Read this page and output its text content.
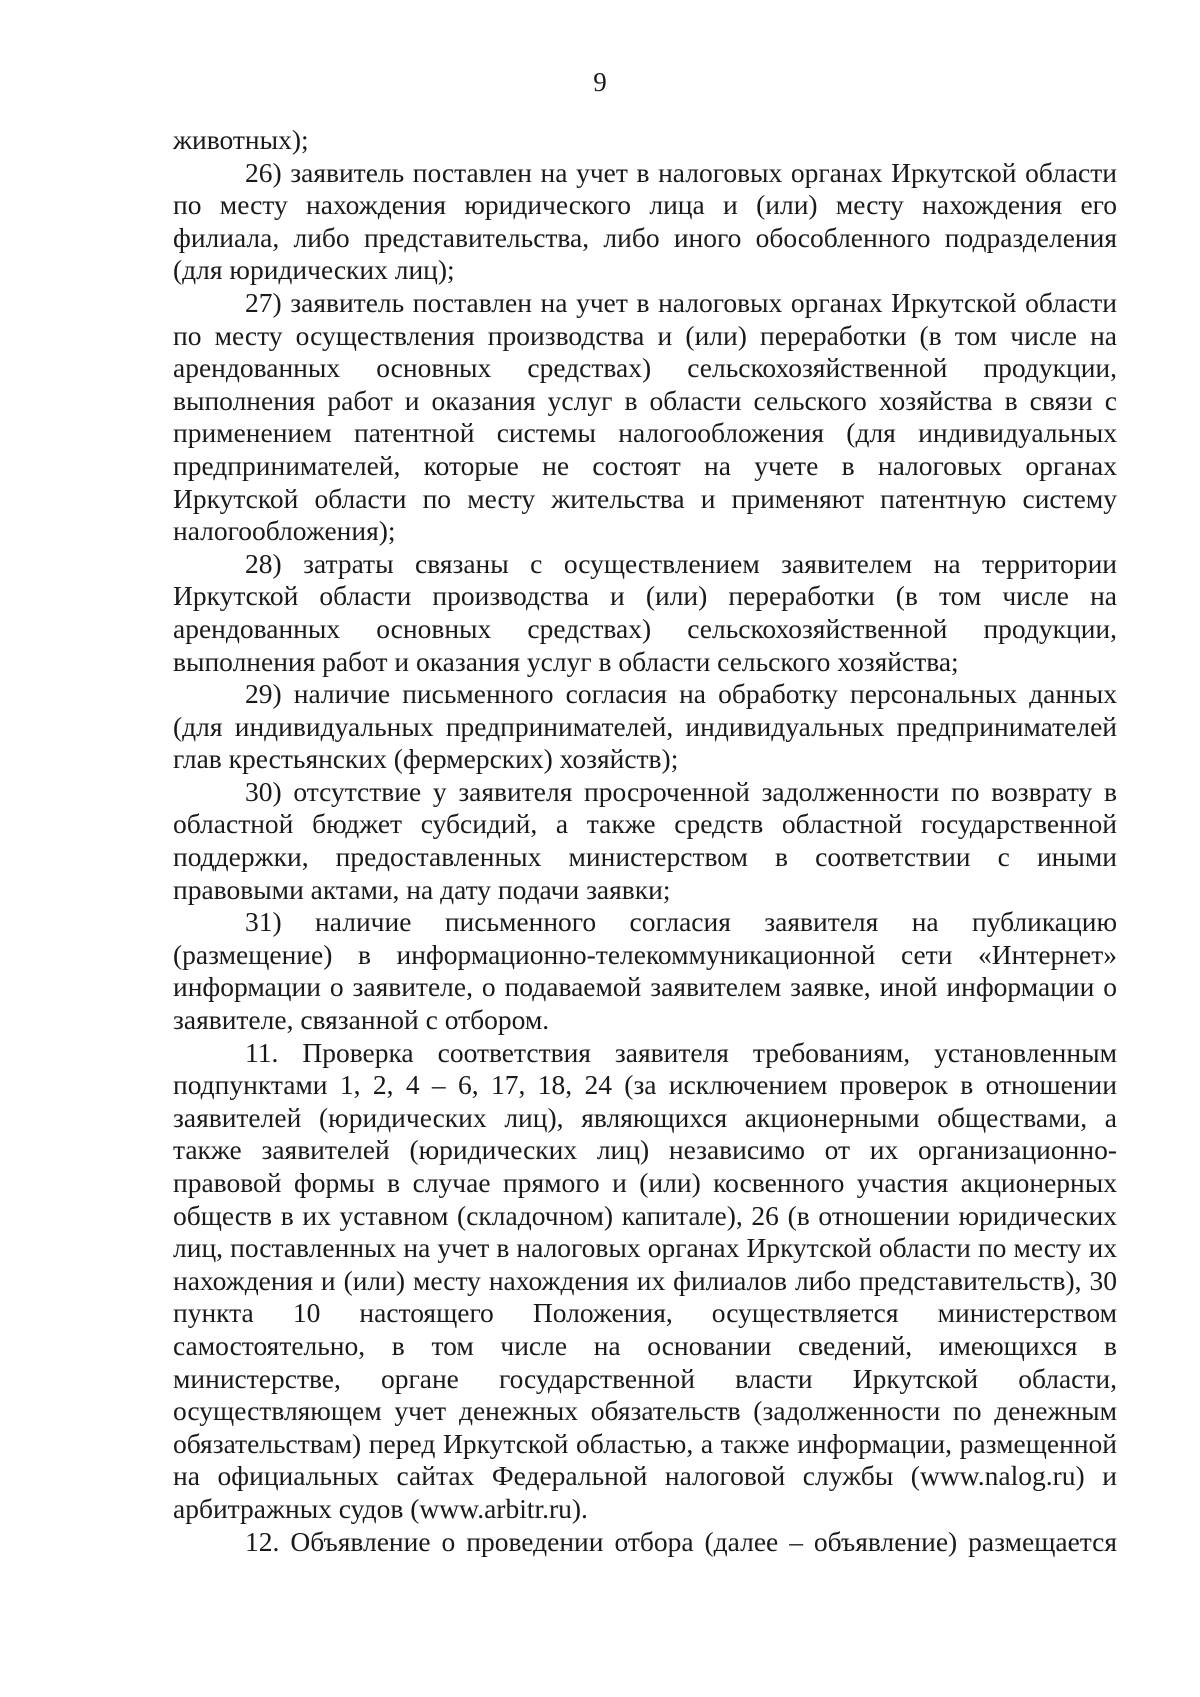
9

животных);

26) заявитель поставлен на учет в налоговых органах Иркутской области по месту нахождения юридического лица и (или) месту нахождения его филиала, либо представительства, либо иного обособленного подразделения (для юридических лиц);

27) заявитель поставлен на учет в налоговых органах Иркутской области по месту осуществления производства и (или) переработки (в том числе на арендованных основных средствах) сельскохозяйственной продукции, выполнения работ и оказания услуг в области сельского хозяйства в связи с применением патентной системы налогообложения (для индивидуальных предпринимателей, которые не состоят на учете в налоговых органах Иркутской области по месту жительства и применяют патентную систему налогообложения);

28) затраты связаны с осуществлением заявителем на территории Иркутской области производства и (или) переработки (в том числе на арендованных основных средствах) сельскохозяйственной продукции, выполнения работ и оказания услуг в области сельского хозяйства;

29) наличие письменного согласия на обработку персональных данных (для индивидуальных предпринимателей, индивидуальных предпринимателей глав крестьянских (фермерских) хозяйств);

30) отсутствие у заявителя просроченной задолженности по возврату в областной бюджет субсидий, а также средств областной государственной поддержки, предоставленных министерством в соответствии с иными правовыми актами, на дату подачи заявки;

31) наличие письменного согласия заявителя на публикацию (размещение) в информационно-телекоммуникационной сети «Интернет» информации о заявителе, о подаваемой заявителем заявке, иной информации о заявителе, связанной с отбором.

11. Проверка соответствия заявителя требованиям, установленным подпунктами 1, 2, 4 – 6, 17, 18, 24 (за исключением проверок в отношении заявителей (юридических лиц), являющихся акционерными обществами, а также заявителей (юридических лиц) независимо от их организационно-правовой формы в случае прямого и (или) косвенного участия акционерных обществ в их уставном (складочном) капитале), 26 (в отношении юридических лиц, поставленных на учет в налоговых органах Иркутской области по месту их нахождения и (или) месту нахождения их филиалов либо представительств), 30 пункта 10 настоящего Положения, осуществляется министерством самостоятельно, в том числе на основании сведений, имеющихся в министерстве, органе государственной власти Иркутской области, осуществляющем учет денежных обязательств (задолженности по денежным обязательствам) перед Иркутской областью, а также информации, размещенной на официальных сайтах Федеральной налоговой службы (www.nalog.ru) и арбитражных судов (www.arbitr.ru).

12. Объявление о проведении отбора (далее – объявление) размещается
